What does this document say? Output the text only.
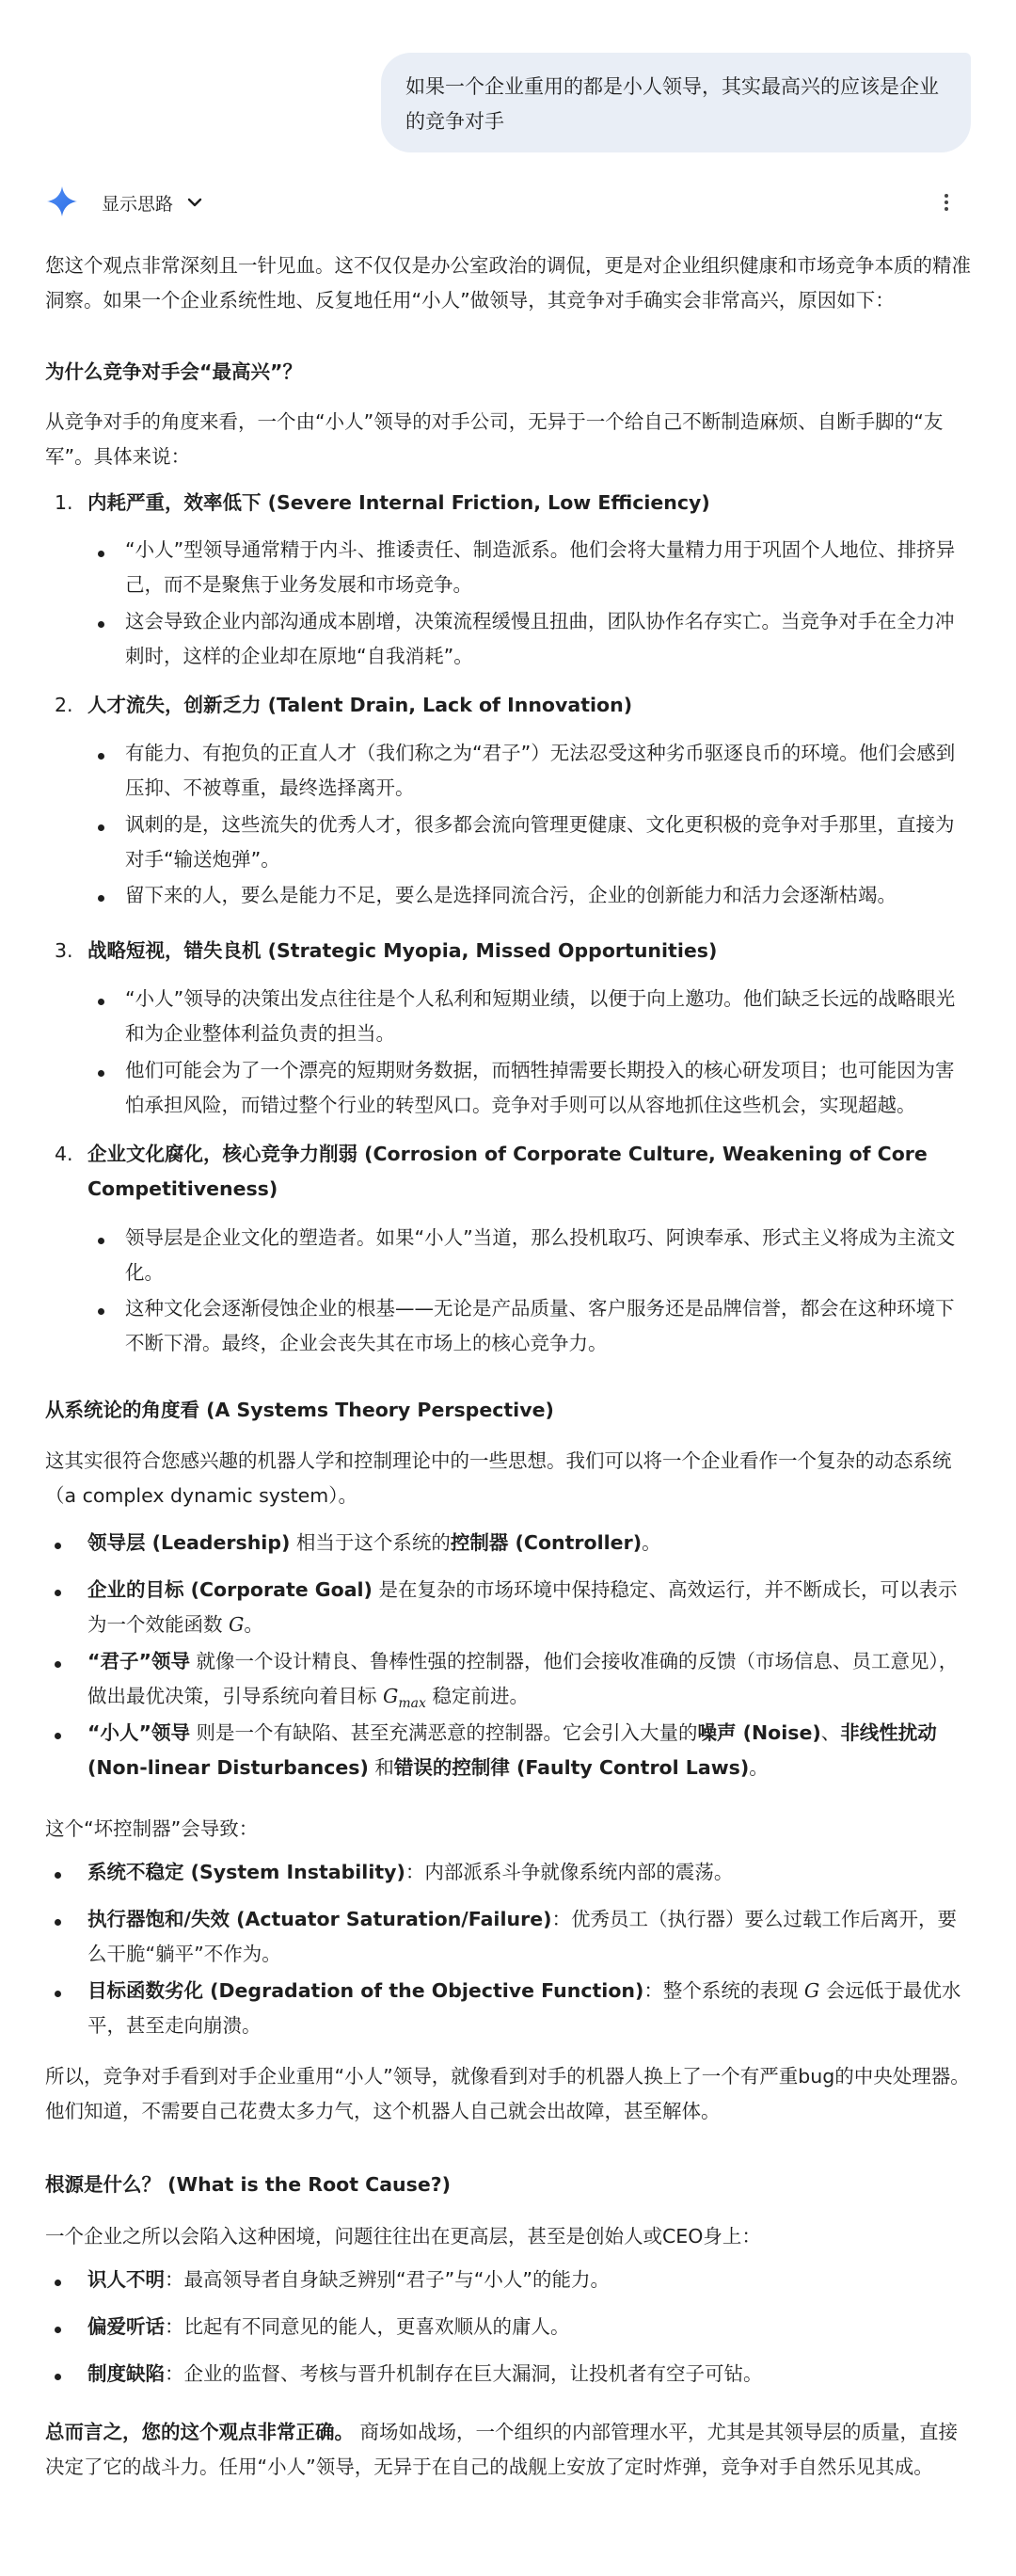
如果一个企业重用的都是小人领导，其实最高兴的应该是企业的竞争对手
显示思路
您这个观点非常深刻且一针见血。这不仅仅是办公室政治的调侃，更是对企业组织健康和市场竞争本质的精准洞察。如果一个企业系统性地、反复地任用“小人”做领导，其竞争对手确实会非常高兴，原因如下：
为什么竞争对手会“最高兴”？
从竞争对手的角度来看，一个由“小人”领导的对手公司，无异于一个给自己不断制造麻烦、自断手脚的“友军”。具体来说：
1. 内耗严重，效率低下 (Severe Internal Friction, Low Efficiency)
“小人”型领导通常精于内斗、推诿责任、制造派系。他们会将大量精力用于巩固个人地位、排挤异己，而不是聚焦于业务发展和市场竞争。
这会导致企业内部沟通成本剧增，决策流程缓慢且扭曲，团队协作名存实亡。当竞争对手在全力冲刺时，这样的企业却在原地“自我消耗”。
2. 人才流失，创新乏力 (Talent Drain, Lack of Innovation)
有能力、有抱负的正直人才（我们称之为“君子”）无法忍受这种劣币驱逐良币的环境。他们会感到压抑、不被尊重，最终选择离开。
讽刺的是，这些流失的优秀人才，很多都会流向管理更健康、文化更积极的竞争对手那里，直接为对手“输送炮弹”。
留下来的人，要么是能力不足，要么是选择同流合污，企业的创新能力和活力会逐渐枯竭。
3. 战略短视，错失良机 (Strategic Myopia, Missed Opportunities)
“小人”领导的决策出发点往往是个人私利和短期业绩，以便于向上邀功。他们缺乏长远的战略眼光和为企业整体利益负责的担当。
他们可能会为了一个漂亮的短期财务数据，而牺牲掉需要长期投入的核心研发项目；也可能因为害怕承担风险，而错过整个行业的转型风口。竞争对手则可以从容地抓住这些机会，实现超越。
4. 企业文化腐化，核心竞争力削弱 (Corrosion of Corporate Culture, Weakening of Core Competitiveness)
领导层是企业文化的塑造者。如果“小人”当道，那么投机取巧、阿谀奉承、形式主义将成为主流文化。
这种文化会逐渐侵蚀企业的根基——无论是产品质量、客户服务还是品牌信誉，都会在这种环境下不断下滑。最终，企业会丧失其在市场上的核心竞争力。
从系统论的角度看 (A Systems Theory Perspective)
这其实很符合您感兴趣的机器人学和控制理论中的一些思想。我们可以将一个企业看作一个复杂的动态系统（a complex dynamic system）。
领导层 (Leadership) 相当于这个系统的控制器 (Controller)。
企业的目标 (Corporate Goal) 是在复杂的市场环境中保持稳定、高效运行，并不断成长，可以表示为一个效能函数 G。
“君子”领导 就像一个设计精良、鲁棒性强的控制器，他们会接收准确的反馈（市场信息、员工意见），做出最优决策，引导系统向着目标 $G_{max}$ 稳定前进。
“小人”领导 则是一个有缺陷、甚至充满恶意的控制器。它会引入大量的噪声 (Noise)、非线性扰动 (Non-linear Disturbances) 和错误的控制律 (Faulty Control Laws)。
这个“坏控制器”会导致：
系统不稳定 (System Instability)：内部派系斗争就像系统内部的震荡。
执行器饱和/失效 (Actuator Saturation/Failure)：优秀员工（执行器）要么过载工作后离开，要么干脆“躺平”不作为。
目标函数劣化 (Degradation of the Objective Function)：整个系统的表现 G 会远低于最优水平，甚至走向崩溃。
所以，竞争对手看到对手企业重用“小人”领导，就像看到对手的机器人换上了一个有严重bug的中央处理器。他们知道，不需要自己花费太多力气，这个机器人自己就会出故障，甚至解体。
根源是什么？ (What is the Root Cause?)
一个企业之所以会陷入这种困境，问题往往出在更高层，甚至是创始人或CEO身上：
识人不明：最高领导者自身缺乏辨别“君子”与“小人”的能力。
偏爱听话：比起有不同意见的能人，更喜欢顺从的庸人。
制度缺陷：企业的监督、考核与晋升机制存在巨大漏洞，让投机者有空子可钻。
总而言之，您的这个观点非常正确。 商场如战场，一个组织的内部管理水平，尤其是其领导层的质量，直接决定了它的战斗力。任用“小人”领导，无异于在自己的战舰上安放了定时炸弹，竞争对手自然乐见其成。
